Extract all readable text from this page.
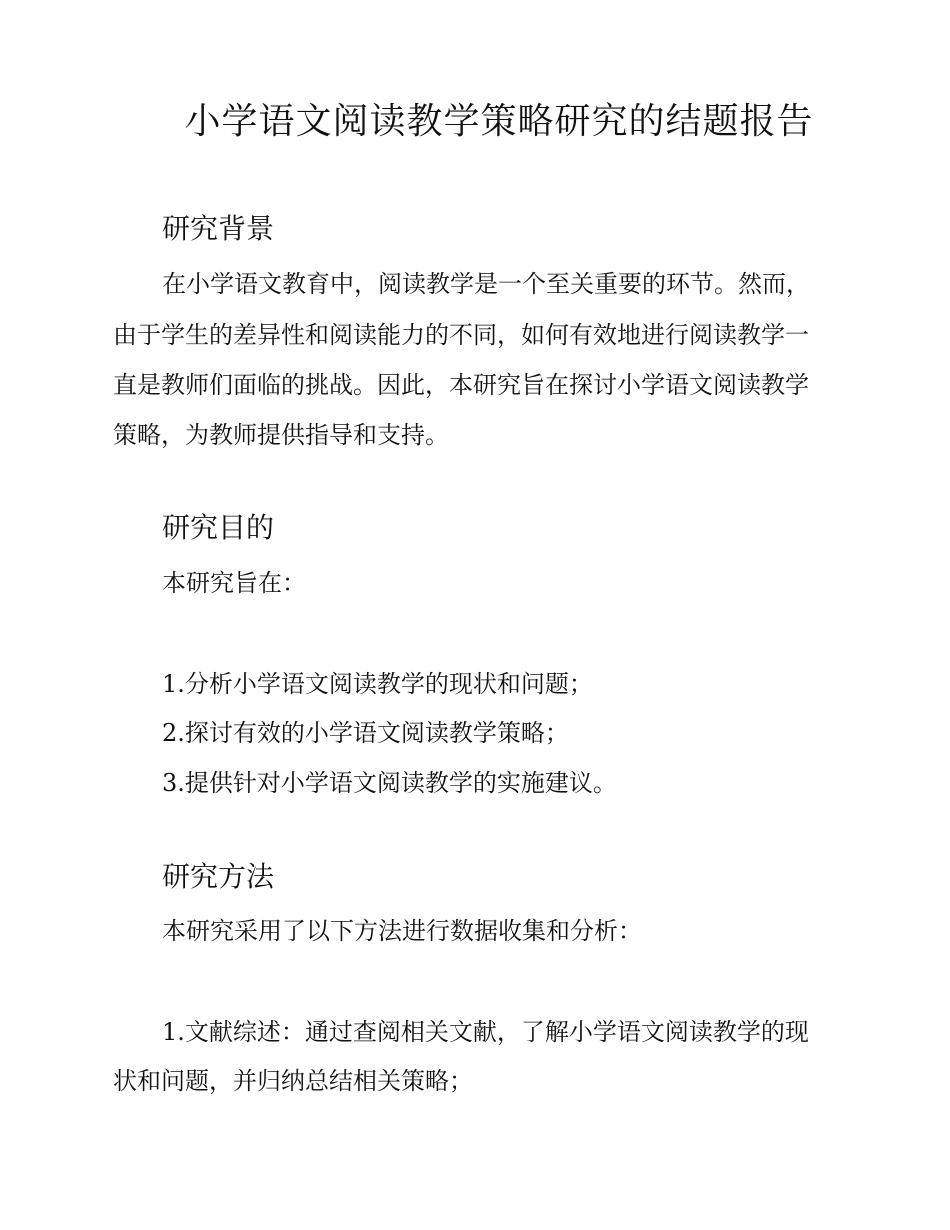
小学语文阅读教学策略研究的结题报告
研究背景
在小学语文教育中，阅读教学是一个至关重要的环节。然而，
由于学生的差异性和阅读能力的不同，如何有效地进行阅读教学一
直是教师们面临的挑战。因此，本研究旨在探讨小学语文阅读教学
策略，为教师提供指导和支持。
研究目的
本研究旨在：
1.分析小学语文阅读教学的现状和问题；
2.探讨有效的小学语文阅读教学策略；
3.提供针对小学语文阅读教学的实施建议。
研究方法
本研究采用了以下方法进行数据收集和分析：
1.文献综述：通过查阅相关文献，了解小学语文阅读教学的现
状和问题，并归纳总结相关策略；
